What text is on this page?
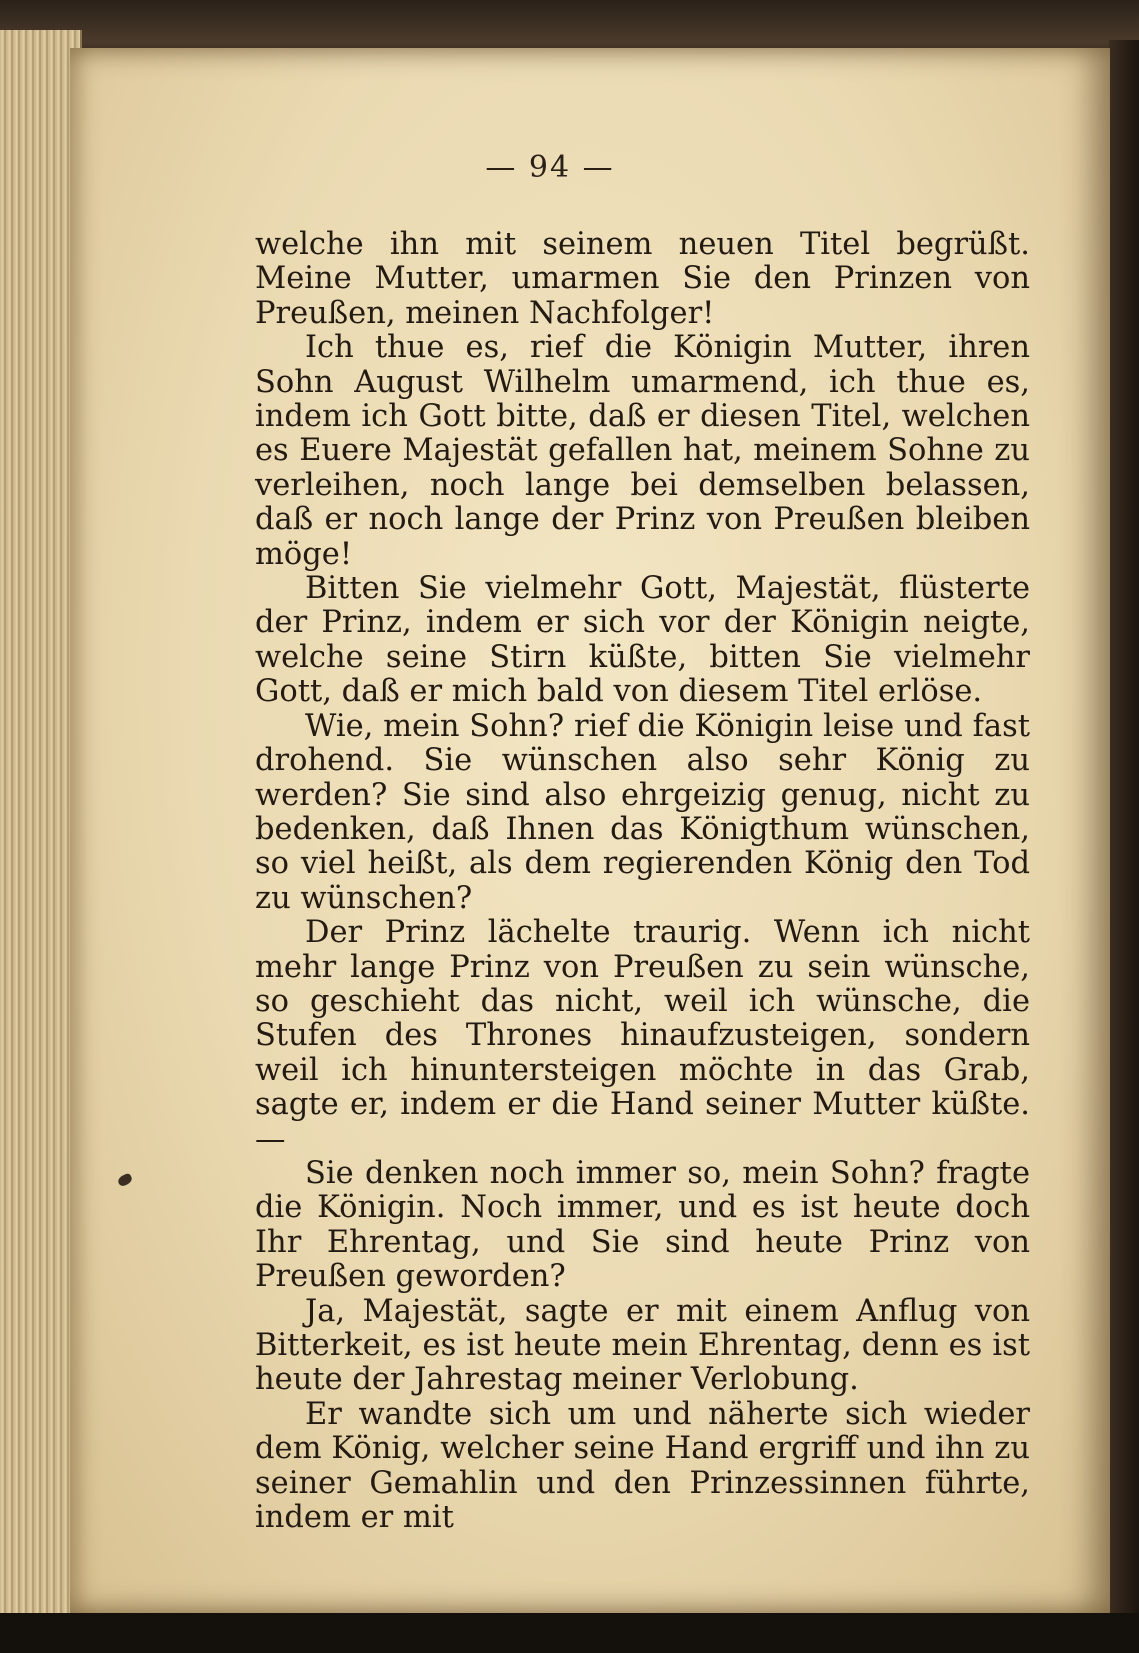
— 94 —

welche ihn mit seinem neuen Titel begrüßt. Meine Mutter, umarmen Sie den Prinzen von Preußen, meinen Nachfolger!

Ich thue es, rief die Königin Mutter, ihren Sohn August Wilhelm umarmend, ich thue es, indem ich Gott bitte, daß er diesen Titel, welchen es Euere Majestät gefallen hat, meinem Sohne zu verleihen, noch lange bei demselben belassen, daß er noch lange der Prinz von Preußen bleiben möge!

Bitten Sie vielmehr Gott, Majestät, flüsterte der Prinz, indem er sich vor der Königin neigte, welche seine Stirn küßte, bitten Sie vielmehr Gott, daß er mich bald von diesem Titel erlöse.

Wie, mein Sohn? rief die Königin leise und fast drohend. Sie wünschen also sehr König zu werden? Sie sind also ehrgeizig genug, nicht zu bedenken, daß Ihnen das Königthum wünschen, so viel heißt, als dem regierenden König den Tod zu wünschen?

Der Prinz lächelte traurig. Wenn ich nicht mehr lange Prinz von Preußen zu sein wünsche, so geschieht das nicht, weil ich wünsche, die Stufen des Thrones hinaufzusteigen, sondern weil ich hinuntersteigen möchte in das Grab, sagte er, indem er die Hand seiner Mutter küßte. —

Sie denken noch immer so, mein Sohn? fragte die Königin. Noch immer, und es ist heute doch Ihr Ehrentag, und Sie sind heute Prinz von Preußen geworden?

Ja, Majestät, sagte er mit einem Anflug von Bitterkeit, es ist heute mein Ehrentag, denn es ist heute der Jahrestag meiner Verlobung.

Er wandte sich um und näherte sich wieder dem König, welcher seine Hand ergriff und ihn zu seiner Gemahlin und den Prinzessinnen führte, indem er mit
